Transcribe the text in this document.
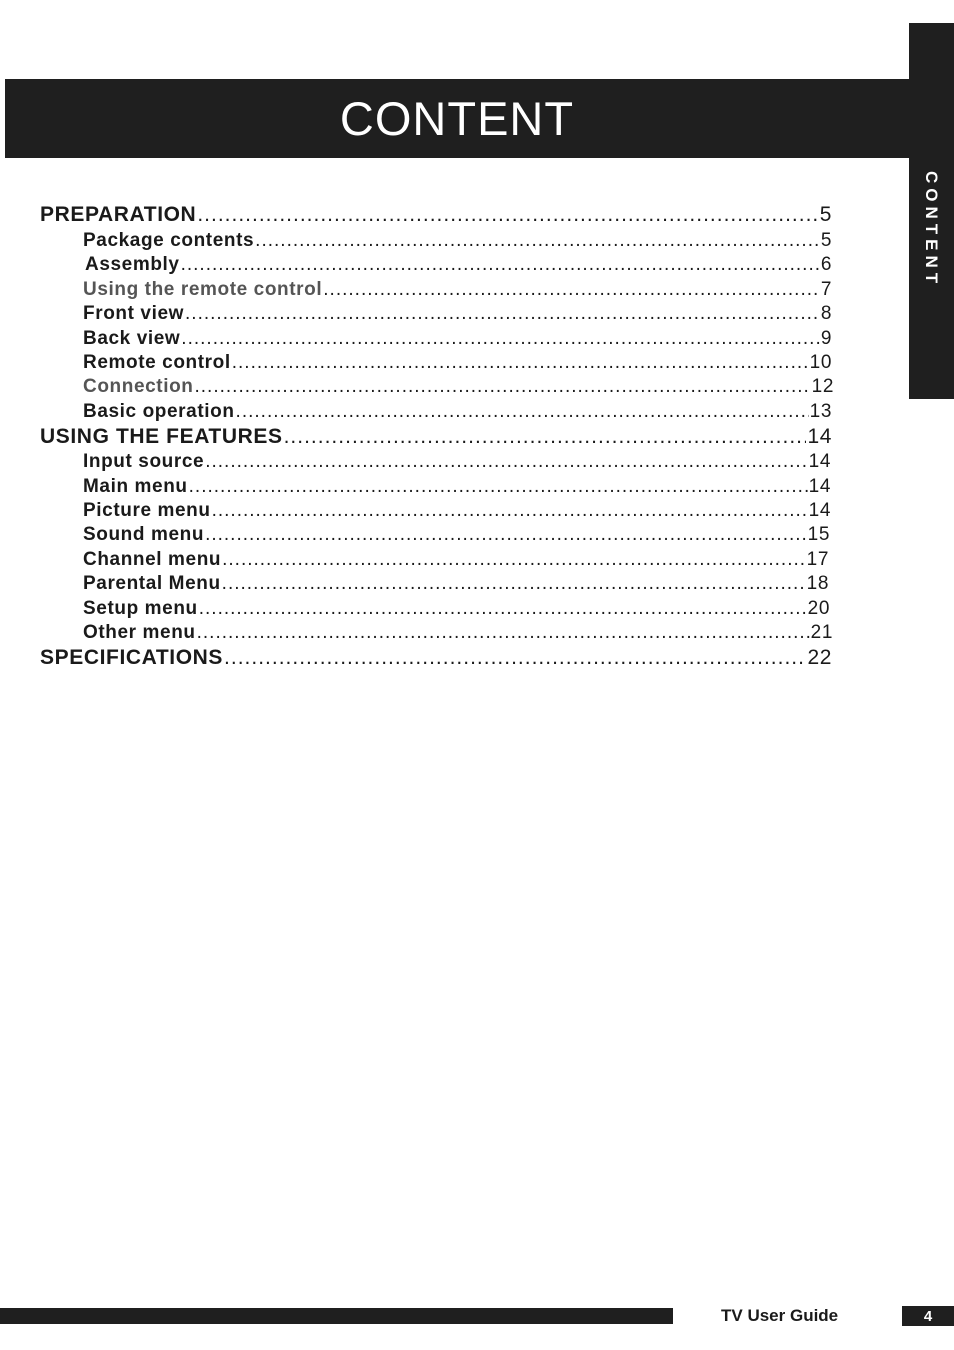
CONTENT
CONTENT
PREPARATION .....	5
Package contents .....	5
Assembly .....	6
Using the remote control .....	7
Front view .....	8
Back view .....	9
Remote control .....	10
Connection .....	12
Basic operation .....	13
USING THE FEATURES .....	14
Input source .....	14
Main menu .....	14
Picture menu .....	14
Sound menu .....	15
Channel menu .....	17
Parental Menu .....	18
Setup menu .....	20
Other menu .....	21
SPECIFICATIONS .....	22
TV User Guide	4
